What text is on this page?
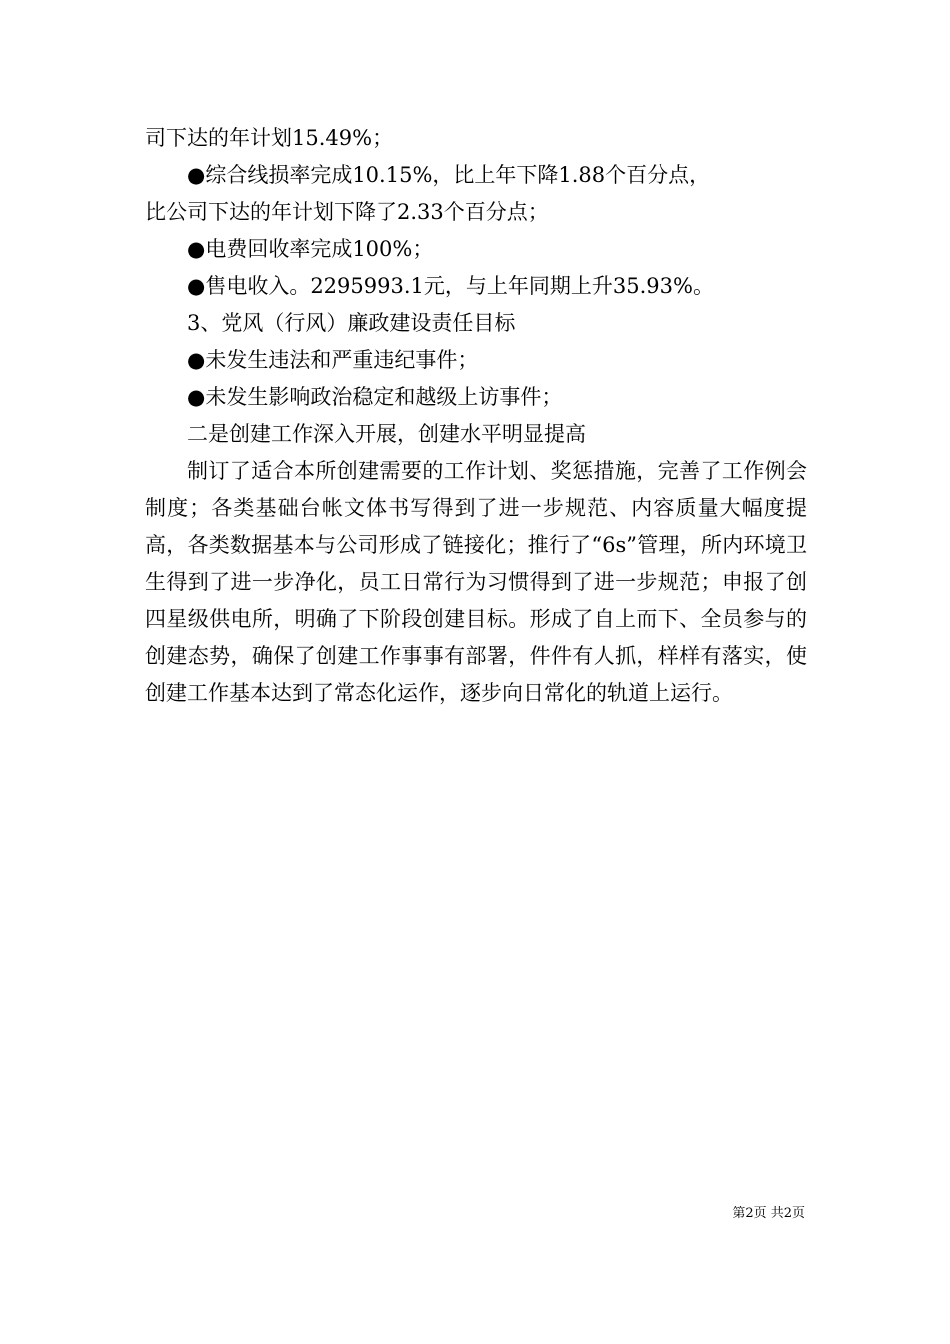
司下达的年计划15.49%；
●综合线损率完成10.15%，比上年下降1.88个百分点，
比公司下达的年计划下降了2.33个百分点；
●电费回收率完成100%；
●售电收入。2295993.1元，与上年同期上升35.93%。
3、党风（行风）廉政建设责任目标
●未发生违法和严重违纪事件；
●未发生影响政治稳定和越级上访事件；
二是创建工作深入开展，创建水平明显提高
制订了适合本所创建需要的工作计划、奖惩措施，完善了工作例会制度；各类基础台帐文体书写得到了进一步规范、内容质量大幅度提高，各类数据基本与公司形成了链接化；推行了“6s”管理，所内环境卫生得到了进一步净化，员工日常行为习惯得到了进一步规范；申报了创四星级供电所，明确了下阶段创建目标。形成了自上而下、全员参与的创建态势，确保了创建工作事事有部署，件件有人抓，样样有落实，使创建工作基本达到了常态化运作，逐步向日常化的轨道上运行。
第2页 共2页
